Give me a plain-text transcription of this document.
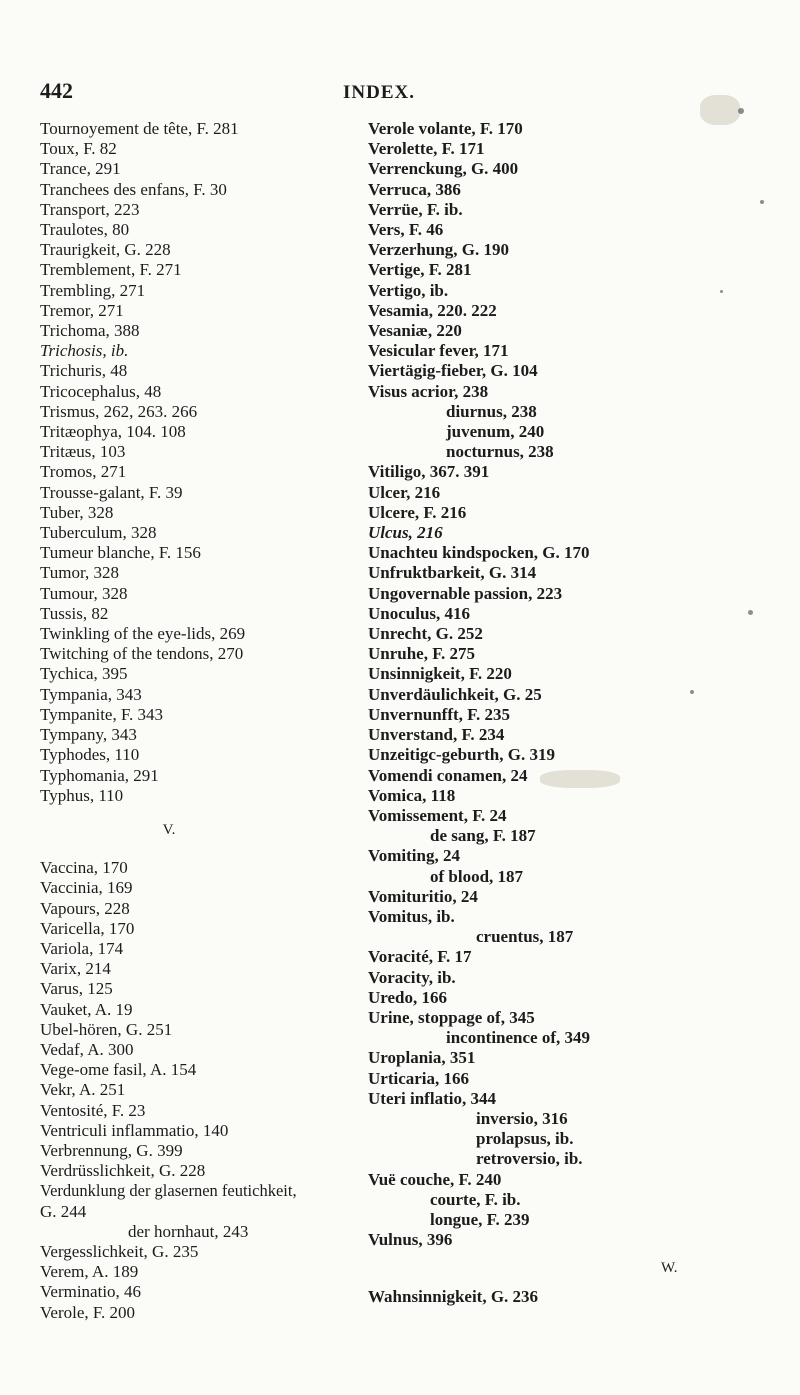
442	INDEX.
Tournoyement de tête, F. 281
Toux, F. 82
Trance, 291
Tranchees des enfans, F. 30
Transport, 223
Traulotes, 80
Traurigkeit, G. 228
Tremblement, F. 271
Trembling, 271
Tremor, 271
Trichoma, 388
Trichosis, ib.
Trichuris, 48
Tricocephalus, 48
Trismus, 262, 263. 266
Tritæophya, 104. 108
Tritæus, 103
Tromos, 271
Trousse-galant, F. 39
Tuber, 328
Tuberculum, 328
Tumeur blanche, F. 156
Tumor, 328
Tumour, 328
Tussis, 82
Twinkling of the eye-lids, 269
Twitching of the tendons, 270
Tychica, 395
Tympania, 343
Tympanite, F. 343
Tympany, 343
Typhodes, 110
Typhomania, 291
Typhus, 110
V.
Vaccina, 170
Vaccinia, 169
Vapours, 228
Varicella, 170
Variola, 174
Varix, 214
Varus, 125
Vauket, A. 19
Ubel-hören, G. 251
Vedaf, A. 300
Vege-ome fasil, A. 154
Vekr, A. 251
Ventosité, F. 23
Ventriculi inflammatio, 140
Verbrennung, G. 399
Verdrüsslichkeit, G. 228
Verdunklung der glasernen feutichkeit,
G. 244
der hornhaut, 243
Vergesslichkeit, G. 235
Verem, A. 189
Verminatio, 46
Verole, F. 200
Verole volante, F. 170
Verolette, F. 171
Verrenckung, G. 400
Verruca, 386
Verrüe, F. ib.
Vers, F. 46
Verzerhung, G. 190
Vertige, F. 281
Vertigo, ib.
Vesamia, 220. 222
Vesaniæ, 220
Vesicular fever, 171
Viertägig-fieber, G. 104
Visus acrior, 238
diurnus, 238
juvenum, 240
nocturnus, 238
Vitiligo, 367. 391
Ulcer, 216
Ulcere, F. 216
Ulcus, 216
Unachteu kindspocken, G. 170
Unfruktbarkeit, G. 314
Ungovernable passion, 223
Unoculus, 416
Unrecht, G. 252
Unruhe, F. 275
Unsinnigkeit, F. 220
Unverdäulichkeit, G. 25
Unvernunfft, F. 235
Unverstand, F. 234
Unzeitigc-geburth, G. 319
Vomendi conamen, 24
Vomica, 118
Vomissement, F. 24
de sang, F. 187
Vomiting, 24
of blood, 187
Vomituritio, 24
Vomitus, ib.
cruentus, 187
Voracité, F. 17
Voracity, ib.
Uredo, 166
Urine, stoppage of, 345
incontinence of, 349
Uroplania, 351
Urticaria, 166
Uteri inflatio, 344
inversio, 316
prolapsus, ib.
retroversio, ib.
Vuë couche, F. 240
courte, F. ib.
longue, F. 239
Vulnus, 396
W.
Wahnsinnigkeit, G. 236
